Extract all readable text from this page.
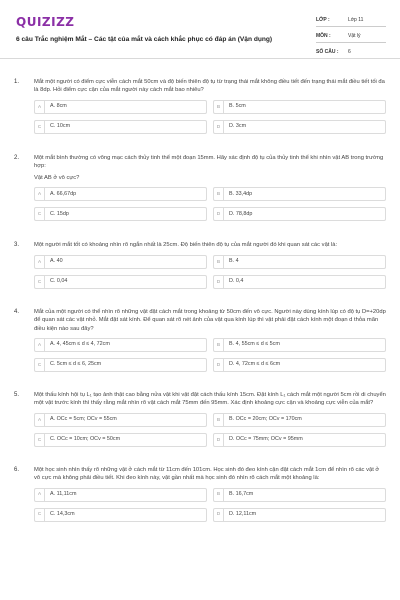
QUIZIZZ
6 câu Trắc nghiệm Mắt – Các tật của mắt và cách khắc phục có đáp án (Vận dụng)
LỚP :	Lớp 11
MÔN :	Vật lý
SỐ CÂU :	6
1.	Mắt một người có điểm cực viễn cách mắt 50cm và độ biến thiên độ tụ từ trạng thái mắt không điều tiết đến trạng thái mắt điều tiết tối đa là 8dp. Hỏi điểm cực cận của mắt người này cách mắt bao nhiêu?
A	A. 8cm	B	B. 5cm
C	C. 10cm	D	D. 3cm
2.	Một mắt bình thường có võng mạc cách thủy tinh thể một đoạn 15mm. Hãy xác định độ tụ của thủy tinh thể khi nhìn vật AB trong trường hợp:
Vật AB ở vô cực?
A	A. 66,67dp	B	B. 33,4dp
C	C. 15dp	D	D. 78,8dp
3.	Một người mắt tốt có khoảng nhìn rõ ngắn nhất là 25cm. Độ biến thiên độ tụ của mắt người đó khi quan sát các vật là:
A	A. 40	B	B. 4
C	C. 0,04	D	D. 0,4
4.	Mắt của một người có thể nhìn rõ những vật đặt cách mắt trong khoảng từ 50cm đến vô cực. Người này dùng kính lúp có độ tụ D=+20dp để quan sát các vật nhỏ. Mắt đặt sát kính. Để quan sát rõ nét ảnh của vật qua kính lúp thì vật phải đặt cách kính một đoạn d thỏa mãn điều kiện nào sau đây?
A	A. 4, 45cm ≤ d ≤ 4, 72cm	B	B. 4, 55cm ≤ d ≤ 5cm
C	C. 5cm ≤ d ≤ 6, 25cm	D	D. 4, 72cm ≤ d ≤ 6cm
5.	Một thấu kính hội tụ L₁ tạo ảnh thật cao bằng nửa vật khi vật đặt cách thấu kính 15cm. Đặt kính L₁ cách mắt một người 5cm rồi di chuyển một vật trước kính thì thấy rằng mắt nhìn rõ vật cách mắt 75mm đến 95mm. Xác định khoảng cực cận và khoảng cực viễn của mắt?
A	A. OCc = 5cm; OCv = 55cm	B	B. OCc = 20cm; OCv = 170cm
C	C. OCc = 10cm; OCv = 50cm	D	D. OCc = 75mm; OCv = 95mm
6.	Một học sinh nhìn thấy rõ những vật ở cách mắt từ 11cm đến 101cm. Học sinh đó đeo kính cận đặt cách mắt 1cm để nhìn rõ các vật ở vô cực mà không phải điều tiết. Khi đeo kính này, vật gần nhất mà học sinh đó nhìn rõ cách mắt một khoảng là:
A	A. 11,11cm	B	B. 16,7cm
C	C. 14,3cm	D	D. 12,11cm
